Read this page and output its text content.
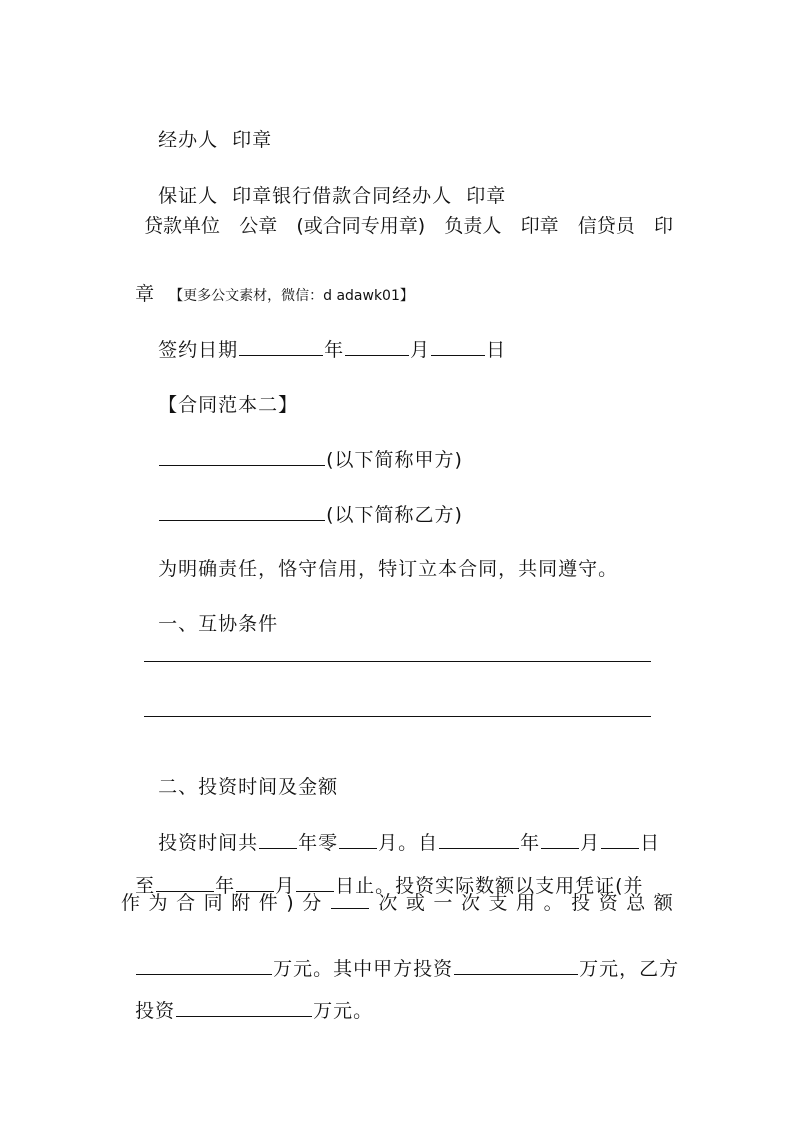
经办人  印章

保证人  印章银行借款合同经办人  印章

贷款单位 公章 (或合同专用章) 负责人 印章 信贷员 印

章 【更多公文素材，微信：d adawk01】

签约日期	年	月	日

【合同范本二】

(以下简称甲方)

(以下简称乙方)

为明确责任，恪守信用，特订立本合同，共同遵守。

一、互协条件

二、投资时间及金额

投资时间共 年零 月。自	年 月 日

至	年 月 日止。投资实际数额以支用凭证(并

作 为 合 同 附 件 ) 分	次 或 一 次 支 用 。 投 资 总 额

万元。其中甲方投资	万元，乙方

投资	万元。
